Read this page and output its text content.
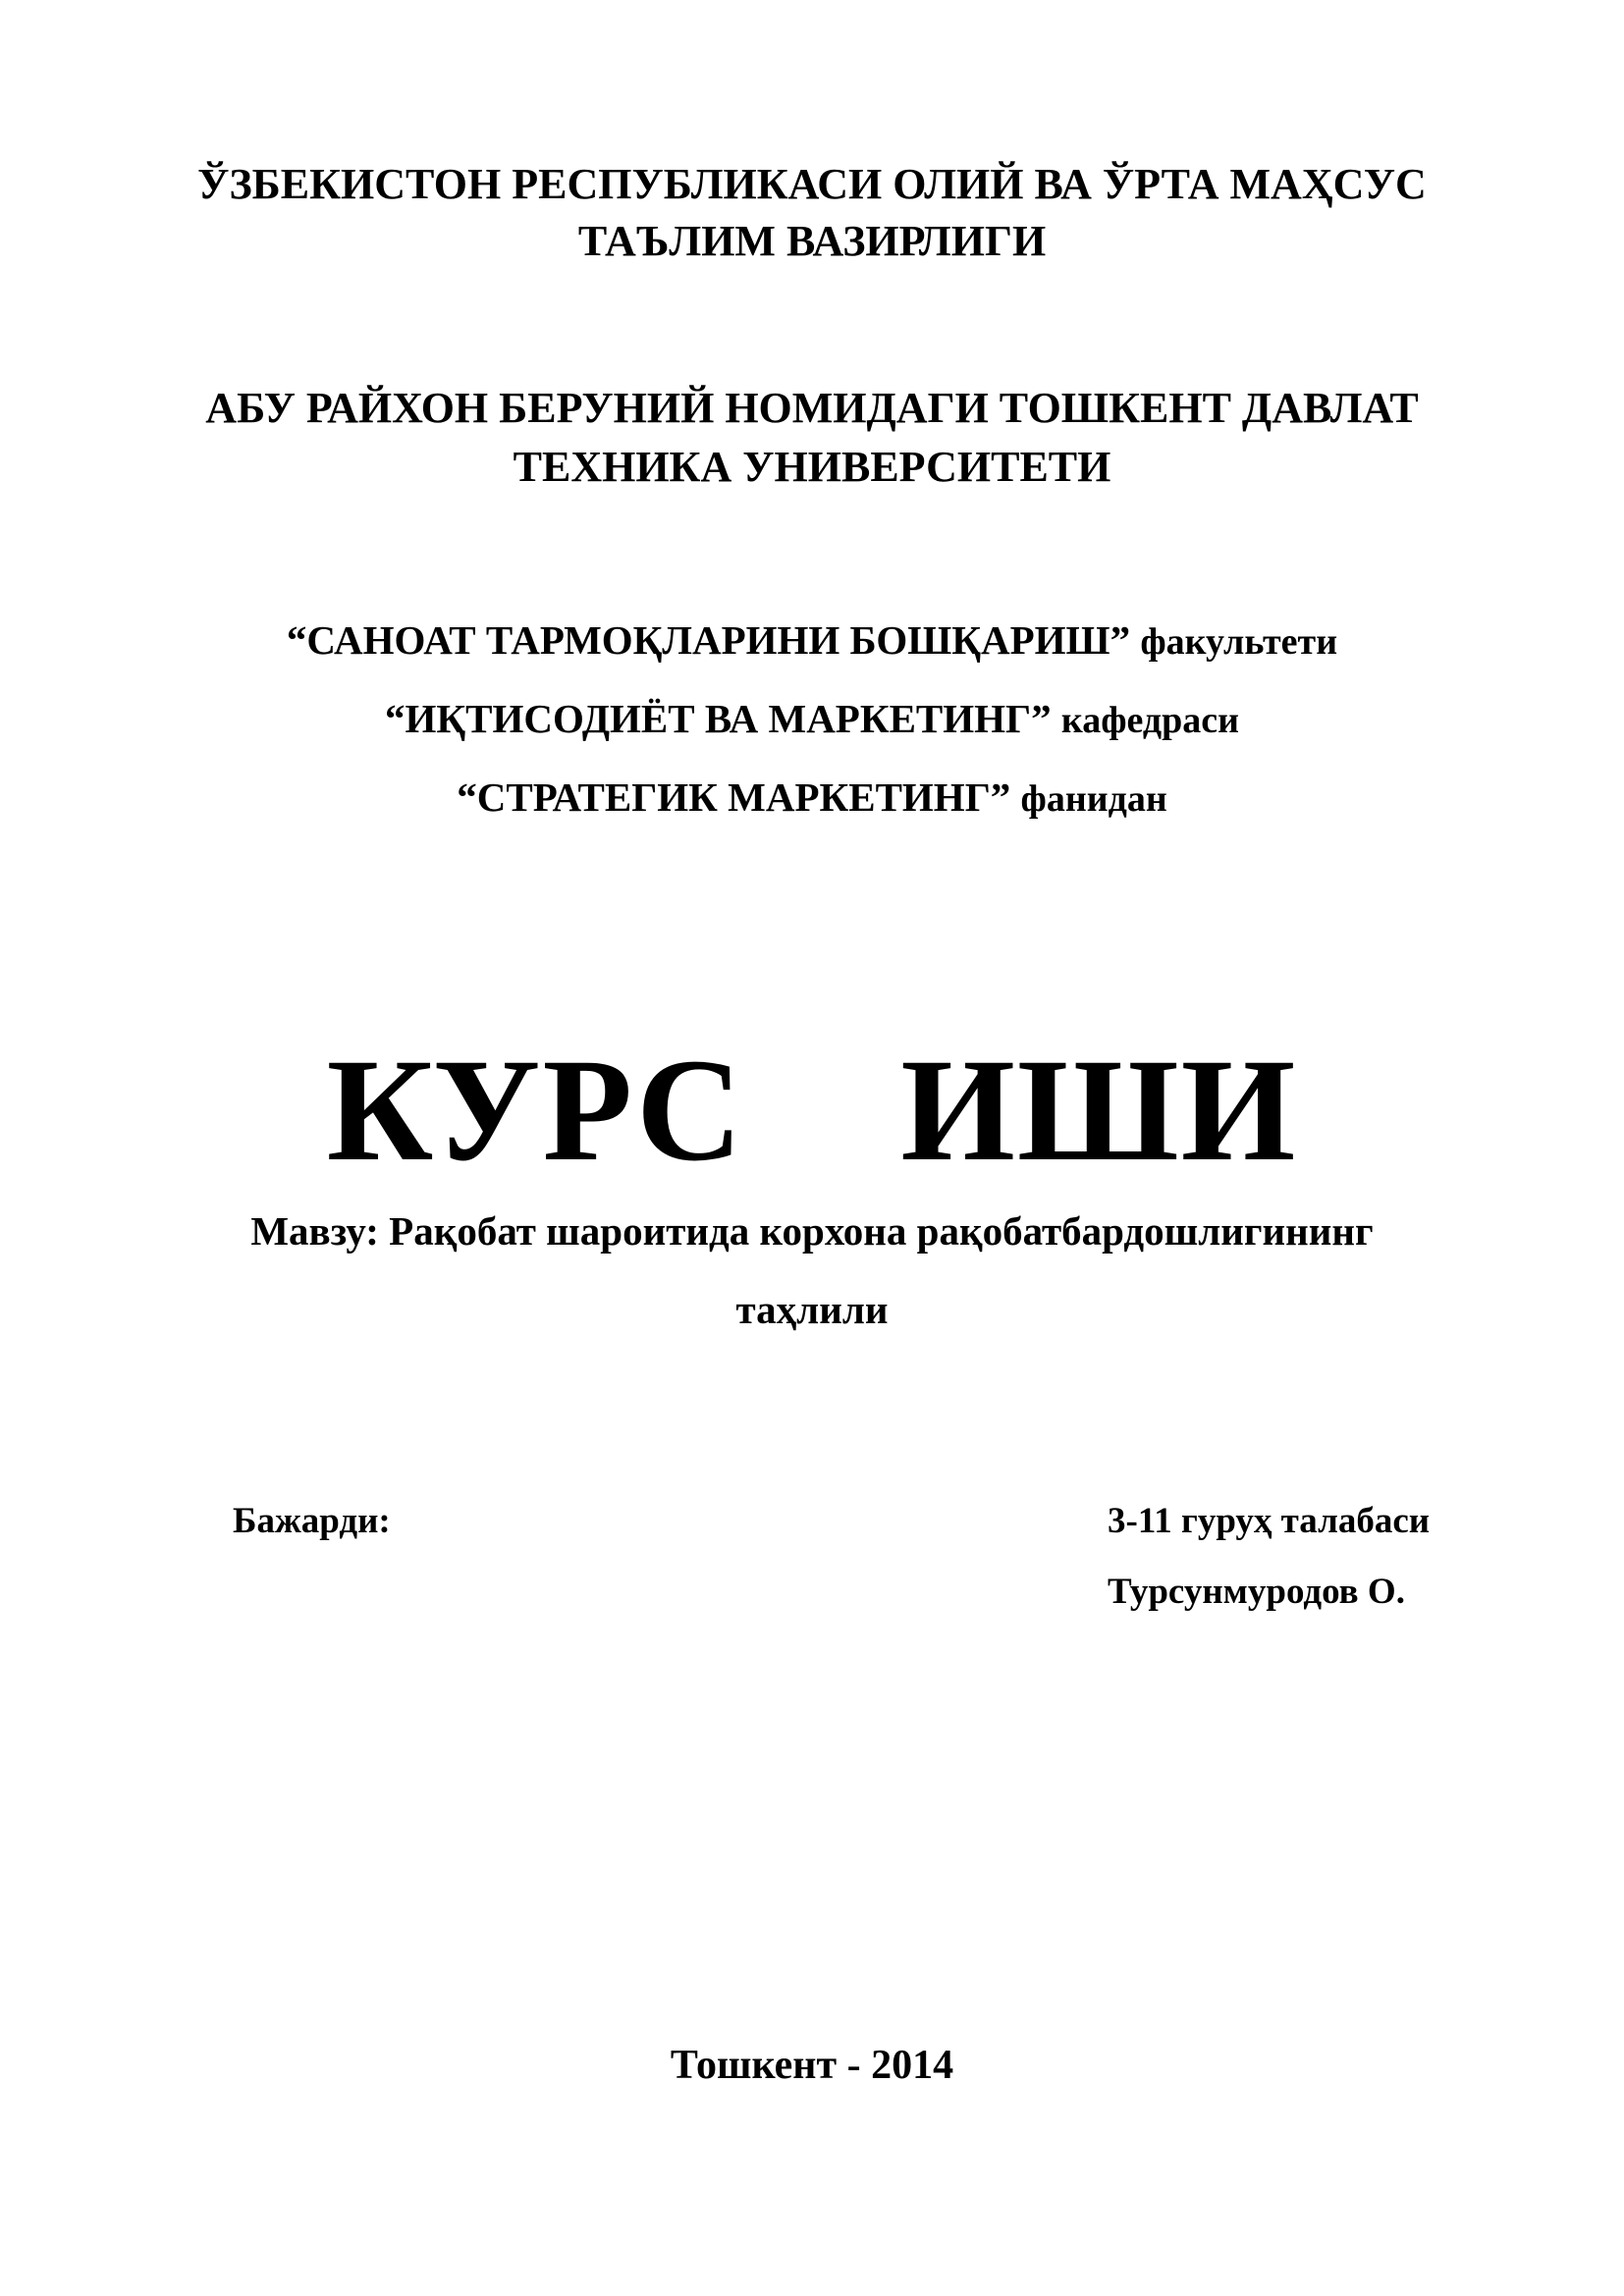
ЎЗБЕКИСТОН РЕСПУБЛИКАСИ ОЛИЙ ВА ЎРТА МАҲСУС
ТАЪЛИМ ВАЗИРЛИГИ
АБУ РАЙХОН БЕРУНИЙ НОМИДАГИ ТОШКЕНТ ДАВЛАТ
ТЕХНИКА УНИВЕРСИТЕТИ
“САНОАТ ТАРМОҚЛАРИНИ БОШҚАРИШ” факультети
“ИҚТИСОДИЁТ ВА МАРКЕТИНГ” кафедраси
“СТРАТЕГИК МАРКЕТИНГ” фанидан
КУРС  ИШИ
Мавзу: Рақобат шароитида корхона рақобатбардошлигининг
таҳлили
Бажарди:	3-11 гуруҳ талабаси
Турсунмуродов О.
Тошкент - 2014
